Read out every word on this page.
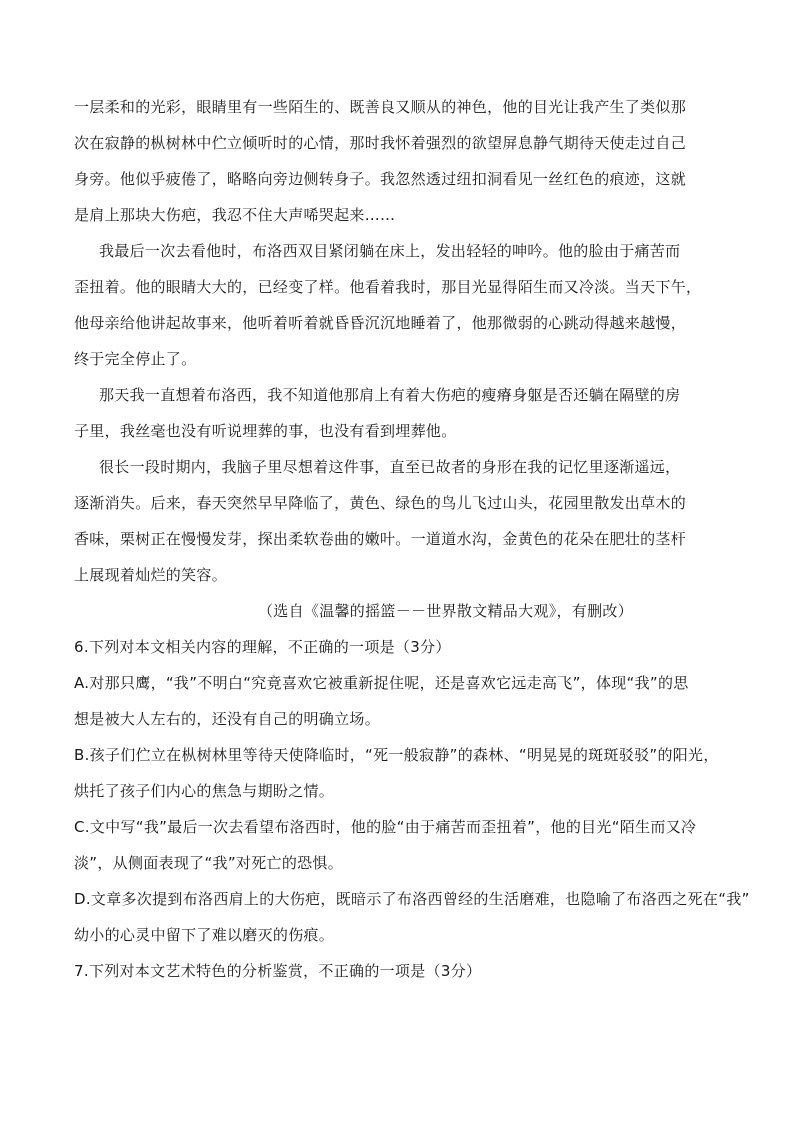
一层柔和的光彩，眼睛里有一些陌生的、既善良又顺从的神色，他的目光让我产生了类似那
次在寂静的枞树林中伫立倾听时的心情，那时我怀着强烈的欲望屏息静气期待天使走过自己
身旁。他似乎疲倦了，略略向旁边侧转身子。我忽然透过纽扣洞看见一丝红色的痕迹，这就
是肩上那块大伤疤，我忍不住大声唏哭起来……
我最后一次去看他时，布洛西双目紧闭躺在床上，发出轻轻的呻吟。他的脸由于痛苦而
歪扭着。他的眼睛大大的，已经变了样。他看着我时，那目光显得陌生而又冷淡。当天下午，
他母亲给他讲起故事来，他听着听着就昏昏沉沉地睡着了，他那微弱的心跳动得越来越慢，
终于完全停止了。
那天我一直想着布洛西，我不知道他那肩上有着大伤疤的瘦瘠身躯是否还躺在隔壁的房
子里，我丝毫也没有听说埋葬的事，也没有看到埋葬他。
很长一段时期内，我脑子里尽想着这件事，直至已故者的身形在我的记忆里逐渐遥远，
逐渐消失。后来，春天突然早早降临了，黄色、绿色的鸟儿飞过山头，花园里散发出草木的
香味，栗树正在慢慢发芽，探出柔软卷曲的嫩叶。一道道水沟，金黄色的花朵在肥壮的茎杆
上展现着灿烂的笑容。
（选自《温馨的摇篮－－世界散文精品大观》，有删改）
6.下列对本文相关内容的理解，不正确的一项是（3分）
A.对那只鹰，“我”不明白“究竟喜欢它被重新捉住呢，还是喜欢它远走高飞”，体现“我”的思
想是被大人左右的，还没有自己的明确立场。
B.孩子们伫立在枞树林里等待天使降临时，“死一般寂静”的森林、“明晃晃的斑斑驳驳”的阳光，
烘托了孩子们内心的焦急与期盼之情。
C.文中写“我”最后一次去看望布洛西时，他的脸“由于痛苦而歪扭着”，他的目光“陌生而又冷
淡”，从侧面表现了“我”对死亡的恐惧。
D.文章多次提到布洛西肩上的大伤疤，既暗示了布洛西曾经的生活磨难，也隐喻了布洛西之死在“我”
幼小的心灵中留下了难以磨灭的伤痕。
7.下列对本文艺术特色的分析鉴赏，不正确的一项是（3分）
